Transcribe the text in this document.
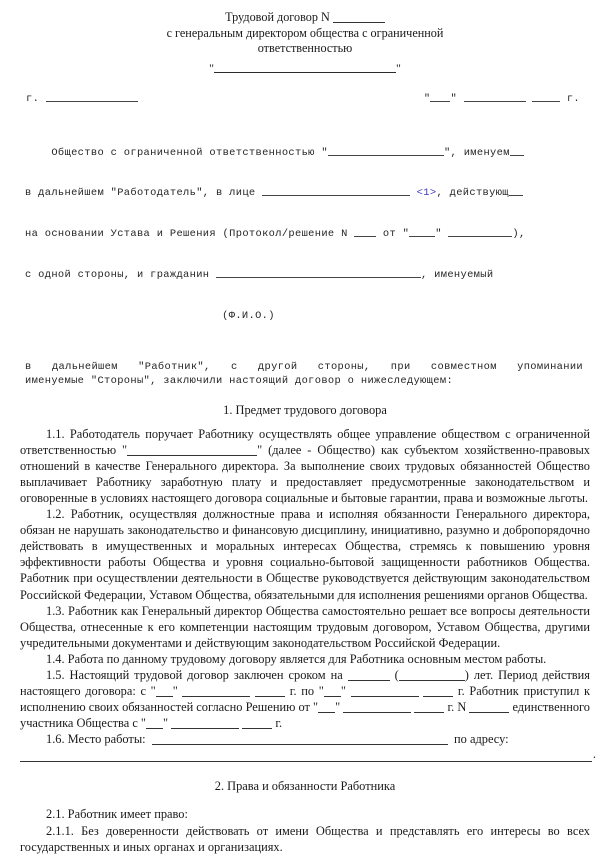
Трудовой договор N
с генеральным директором общества с ограниченной
ответственностью
"	"
г.	" "	г.

Общество с ограниченной ответственностью "	", именуем

в дальнейшем "Работодатель", в лице	<1>, действующ

на основании Устава и Решения (Протокол/решение N  от "	"	),

с одной стороны, и гражданин	, именуемый

(Ф.И.О.)

в дальнейшем "Работник", с другой стороны, при совместном упоминании
именуемые "Стороны", заключили настоящий договор о нижеследующем:
1. Предмет трудового договора

1.1. Работодатель поручает Работнику осуществлять общее управление обществом с ограниченной ответственностью "	" (далее - Общество) как субъектом хозяйственно-правовых отношений в качестве Генерального директора. За выполнение своих трудовых обязанностей Общество выплачивает Работнику заработную плату и предоставляет предусмотренные законодательством и оговоренные в условиях настоящего договора социальные и бытовые гарантии, права и возможные льготы.

1.2. Работник, осуществляя должностные права и исполняя обязанности Генерального директора, обязан не нарушать законодательство и финансовую дисциплину, инициативно, разумно и добропорядочно действовать в имущественных и моральных интересах Общества, стремясь к повышению уровня эффективности работы Общества и уровня социально-бытовой защищенности работников Общества. Работник при осуществлении деятельности в Обществе руководствуется действующим законодательством Российской Федерации, Уставом Общества, обязательными для исполнения решениями органов Общества.

1.3. Работник как Генеральный директор Общества самостоятельно решает все вопросы деятельности Общества, отнесенные к его компетенции настоящим трудовым договором, Уставом Общества, другими учредительными документами и действующим законодательством Российской Федерации.

1.4. Работа по данному трудовому договору является для Работника основным местом работы.

1.5. Настоящий трудовой договор заключен сроком на	(	) лет. Период действия настоящего договора: с " "	г. по " "	г. Работник приступил к исполнению своих обязанностей согласно Решению от " "	г. N	единственного участника Общества с " "	г.

1.6. Место работы:	по адресу:

.
2. Права и обязанности Работника

2.1. Работник имеет право:

2.1.1. Без доверенности действовать от имени Общества и представлять его интересы во всех государственных и иных органах и организациях.
